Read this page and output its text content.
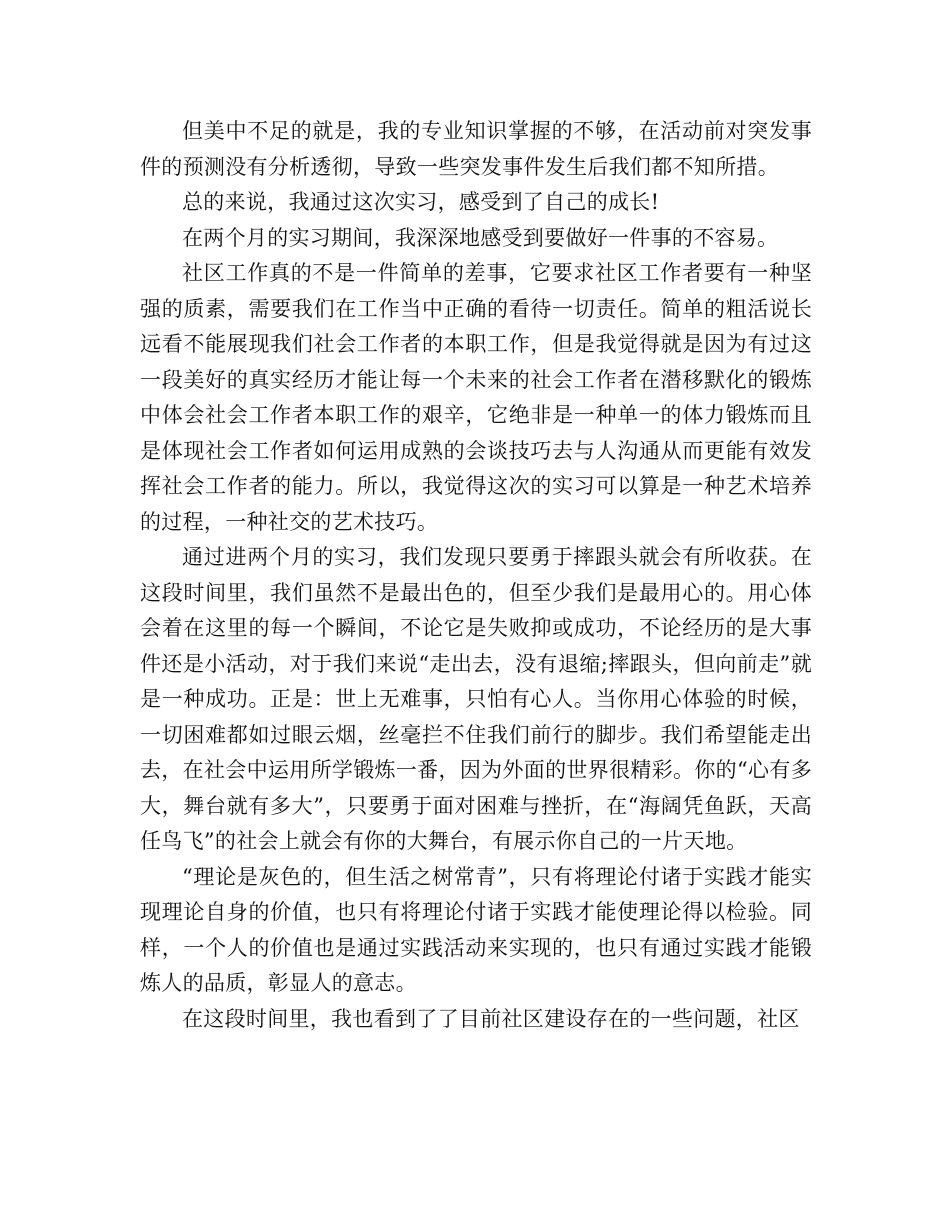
但美中不足的就是，我的专业知识掌握的不够，在活动前对突发事件的预测没有分析透彻，导致一些突发事件发生后我们都不知所措。

总的来说，我通过这次实习，感受到了自己的成长!

在两个月的实习期间，我深深地感受到要做好一件事的不容易。

社区工作真的不是一件简单的差事，它要求社区工作者要有一种坚强的质素，需要我们在工作当中正确的看待一切责任。简单的粗活说长远看不能展现我们社会工作者的本职工作，但是我觉得就是因为有过这一段美好的真实经历才能让每一个未来的社会工作者在潜移默化的锻炼中体会社会工作者本职工作的艰辛，它绝非是一种单一的体力锻炼而且是体现社会工作者如何运用成熟的会谈技巧去与人沟通从而更能有效发挥社会工作者的能力。所以，我觉得这次的实习可以算是一种艺术培养的过程，一种社交的艺术技巧。

通过进两个月的实习，我们发现只要勇于摔跟头就会有所收获。在这段时间里，我们虽然不是最出色的，但至少我们是最用心的。用心体会着在这里的每一个瞬间，不论它是失败抑或成功，不论经历的是大事件还是小活动，对于我们来说“走出去，没有退缩;摔跟头，但向前走”就是一种成功。正是：世上无难事，只怕有心人。当你用心体验的时候，一切困难都如过眼云烟，丝毫拦不住我们前行的脚步。我们希望能走出去，在社会中运用所学锻炼一番，因为外面的世界很精彩。你的“心有多大，舞台就有多大”，只要勇于面对困难与挫折，在“海阔凭鱼跃，天高任鸟飞”的社会上就会有你的大舞台，有展示你自己的一片天地。

“理论是灰色的，但生活之树常青”，只有将理论付诸于实践才能实现理论自身的价值，也只有将理论付诸于实践才能使理论得以检验。同样，一个人的价值也是通过实践活动来实现的，也只有通过实践才能锻炼人的品质，彰显人的意志。

在这段时间里，我也看到了了目前社区建设存在的一些问题，社区
